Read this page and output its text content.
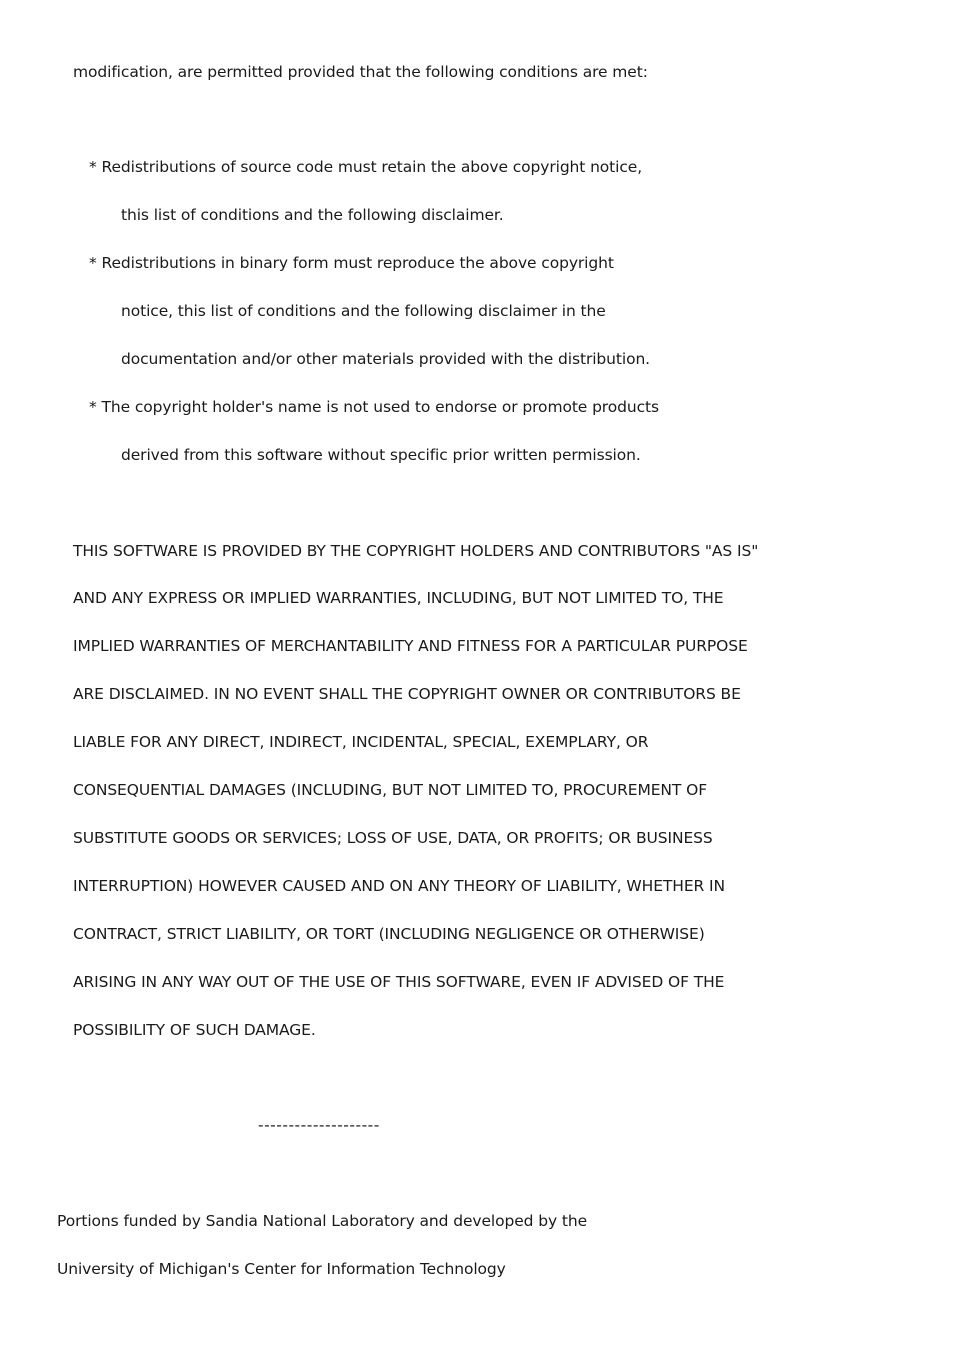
modification, are permitted provided that the following conditions are met:
* Redistributions of source code must retain the above copyright notice,
this list of conditions and the following disclaimer.
* Redistributions in binary form must reproduce the above copyright
notice, this list of conditions and the following disclaimer in the
documentation and/or other materials provided with the distribution.
* The copyright holder's name is not used to endorse or promote products
derived from this software without specific prior written permission.
THIS SOFTWARE IS PROVIDED BY THE COPYRIGHT HOLDERS AND CONTRIBUTORS "AS IS"
AND ANY EXPRESS OR IMPLIED WARRANTIES, INCLUDING, BUT NOT LIMITED TO, THE
IMPLIED WARRANTIES OF MERCHANTABILITY AND FITNESS FOR A PARTICULAR PURPOSE
ARE DISCLAIMED. IN NO EVENT SHALL THE COPYRIGHT OWNER OR CONTRIBUTORS BE
LIABLE FOR ANY DIRECT, INDIRECT, INCIDENTAL, SPECIAL, EXEMPLARY, OR
CONSEQUENTIAL DAMAGES (INCLUDING, BUT NOT LIMITED TO, PROCUREMENT OF
SUBSTITUTE GOODS OR SERVICES; LOSS OF USE, DATA, OR PROFITS; OR BUSINESS
INTERRUPTION) HOWEVER CAUSED AND ON ANY THEORY OF LIABILITY, WHETHER IN
CONTRACT, STRICT LIABILITY, OR TORT (INCLUDING NEGLIGENCE OR OTHERWISE)
ARISING IN ANY WAY OUT OF THE USE OF THIS SOFTWARE, EVEN IF ADVISED OF THE
POSSIBILITY OF SUCH DAMAGE.
--------------------
Portions funded by Sandia National Laboratory and developed by the
University of Michigan's Center for Information Technology
